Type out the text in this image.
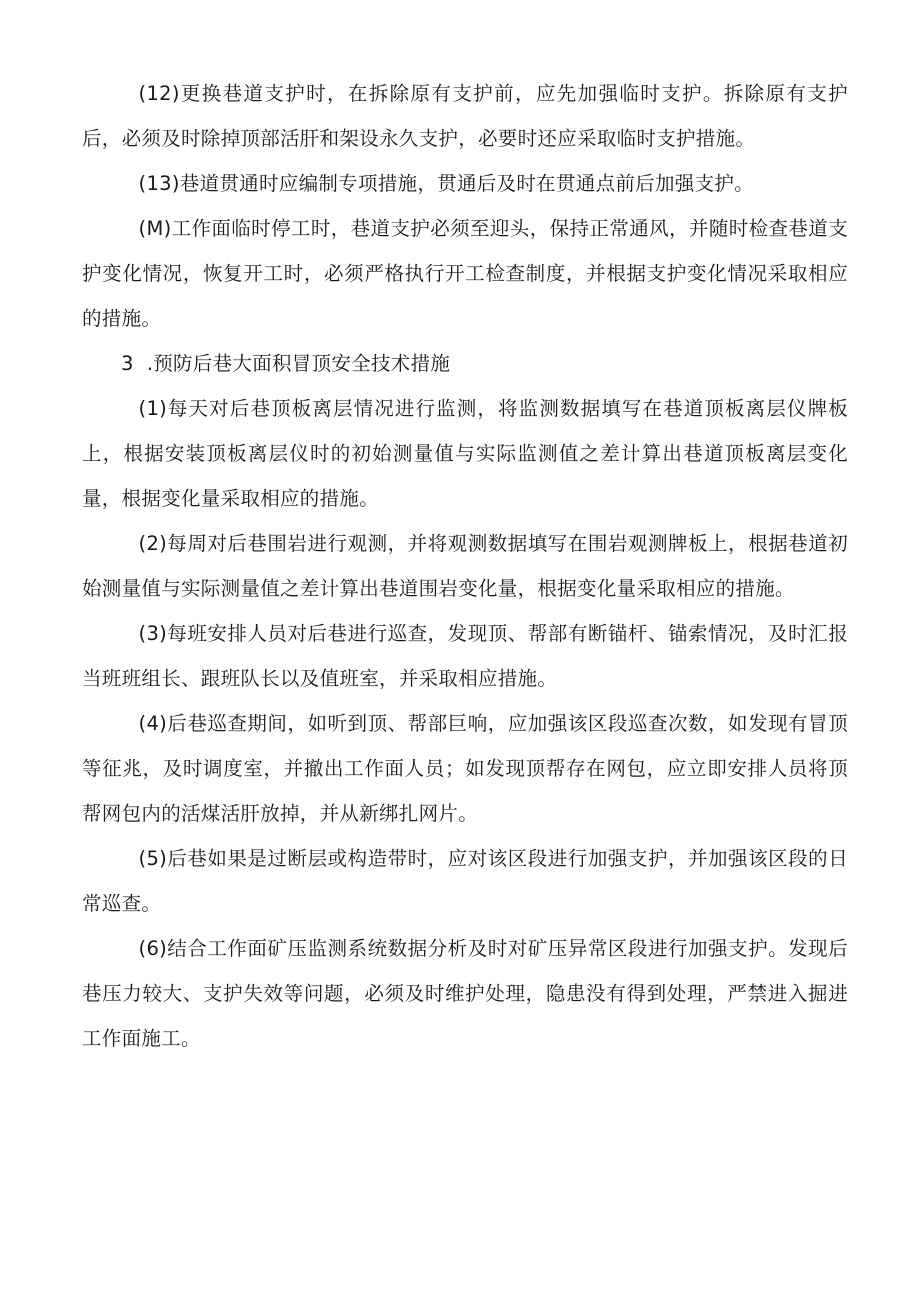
(12)更换巷道支护时，在拆除原有支护前，应先加强临时支护。拆除原有支护后，必须及时除掉顶部活肝和架设永久支护，必要时还应采取临时支护措施。

(13)巷道贯通时应编制专项措施，贯通后及时在贯通点前后加强支护。

(M)工作面临时停工时，巷道支护必须至迎头，保持正常通风，并随时检查巷道支护变化情况，恢复开工时，必须严格执行开工检查制度，并根据支护变化情况采取相应的措施。

3  .预防后巷大面积冒顶安全技术措施

(1)每天对后巷顶板离层情况进行监测，将监测数据填写在巷道顶板离层仪牌板上，根据安装顶板离层仪时的初始测量值与实际监测值之差计算出巷道顶板离层变化量，根据变化量采取相应的措施。

(2)每周对后巷围岩进行观测，并将观测数据填写在围岩观测牌板上，根据巷道初始测量值与实际测量值之差计算出巷道围岩变化量，根据变化量采取相应的措施。

(3)每班安排人员对后巷进行巡查，发现顶、帮部有断锚杆、锚索情况，及时汇报当班班组长、跟班队长以及值班室，并采取相应措施。

(4)后巷巡查期间，如听到顶、帮部巨响，应加强该区段巡查次数，如发现有冒顶等征兆，及时调度室，并撤出工作面人员；如发现顶帮存在网包，应立即安排人员将顶帮网包内的活煤活肝放掉，并从新绑扎网片。

(5)后巷如果是过断层或构造带时，应对该区段进行加强支护，并加强该区段的日常巡查。

(6)结合工作面矿压监测系统数据分析及时对矿压异常区段进行加强支护。发现后巷压力较大、支护失效等问题，必须及时维护处理，隐患没有得到处理，严禁进入掘进工作面施工。
